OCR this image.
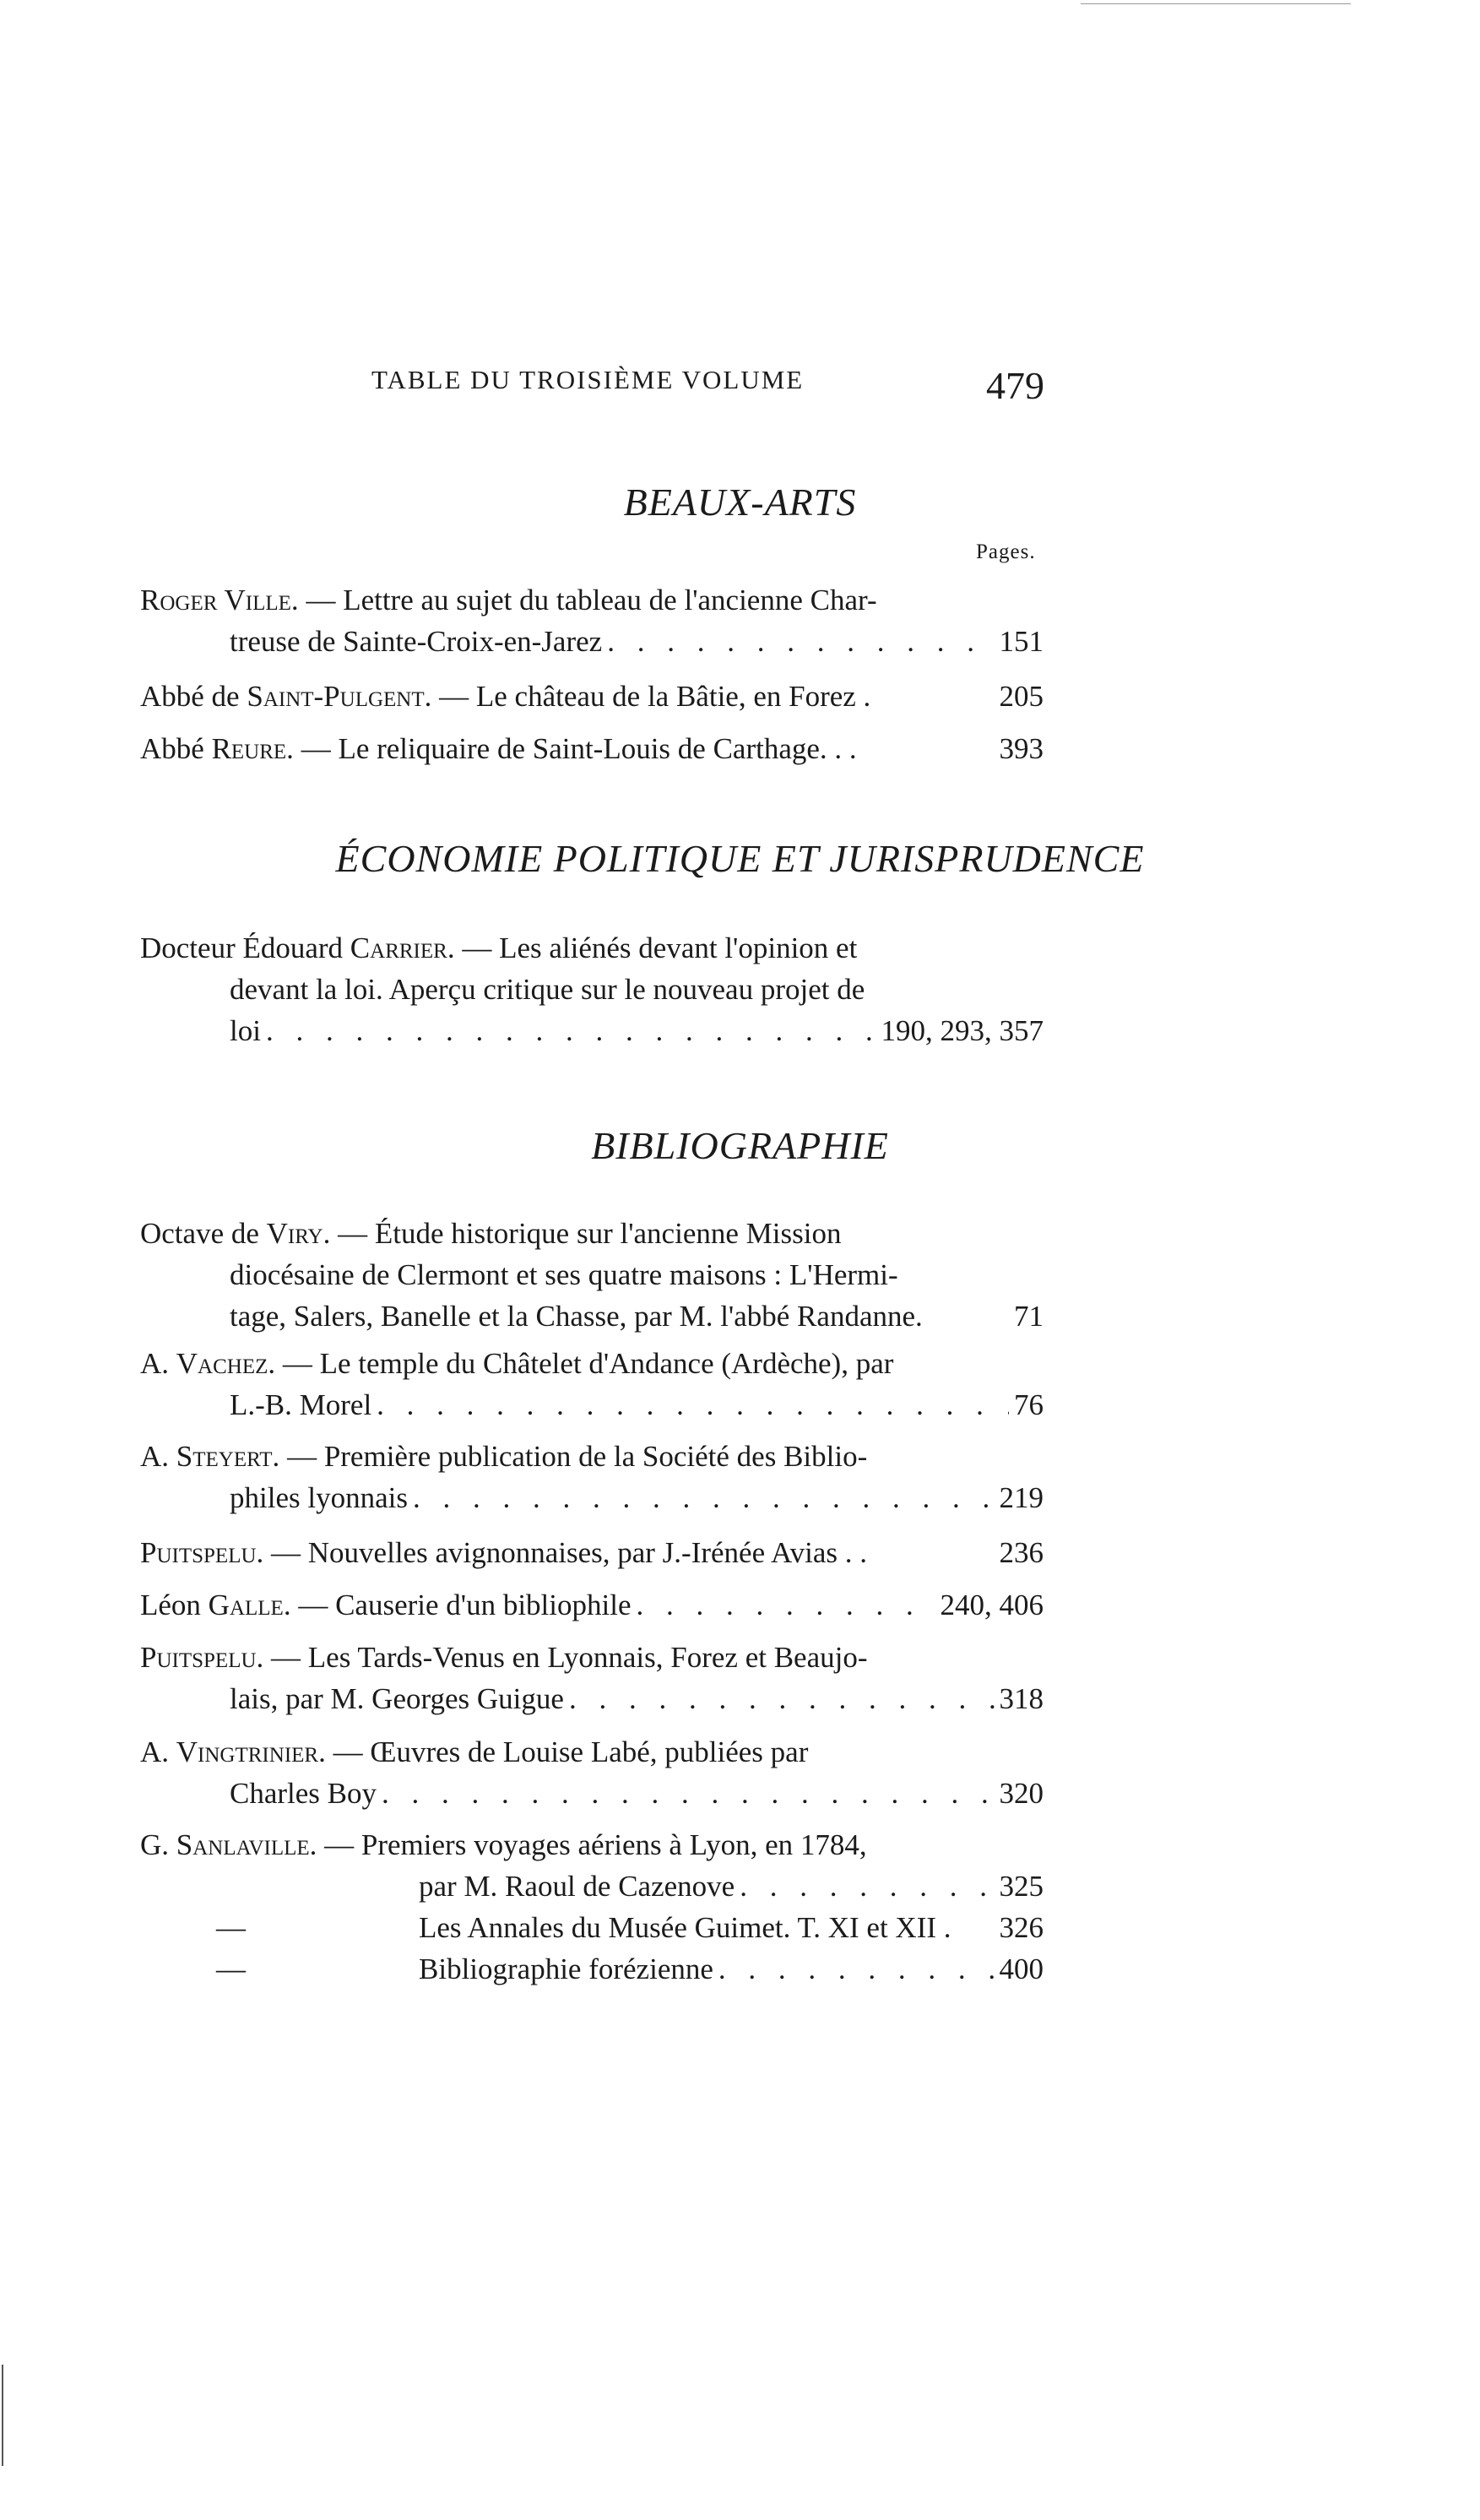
TABLE DU TROISIÈME VOLUME	479
BEAUX-ARTS
Pages.
Roger Ville. — Lettre au sujet du tableau de l'ancienne Char-
treuse de Sainte-Croix-en-Jarez . . .	151
Abbé de Saint-Pulgent. — Le château de la Bâtie, en Forez .	205
Abbé Reure. — Le reliquaire de Saint-Louis de Carthage. . .	393
ÉCONOMIE POLITIQUE ET JURISPRUDENCE
Docteur Édouard Carrier. — Les aliénés devant l'opinion et
devant la loi. Aperçu critique sur le nouveau projet de
loi . . .	190, 293, 357
BIBLIOGRAPHIE
Octave de Viry. — Étude historique sur l'ancienne Mission
diocésaine de Clermont et ses quatre maisons : L'Hermi-
tage, Salers, Banelle et la Chasse, par M. l'abbé Randanne.	71
A. Vachez. — Le temple du Châtelet d'Andance (Ardèche), par
L.-B. Morel . . .	76
A. Steyert. — Première publication de la Société des Biblio-
philes lyonnais . . .	219
Puitspelu. — Nouvelles avignonnaises, par J.-Irénée Avias . .	236
Léon Galle. — Causerie d'un bibliophile . . .	240, 406
Puitspelu. — Les Tards-Venus en Lyonnais, Forez et Beaujo-
lais, par M. Georges Guigue . . .	318
A. Vingtrinier. — Œuvres de Louise Labé, publiées par
Charles Boy . . .	320
G. Sanlaville. — Premiers voyages aériens à Lyon, en 1784,
par M. Raoul de Cazenove . . .	325
—	Les Annales du Musée Guimet. T. XI et XII . 326
—	Bibliographie forézienne . . .	400
